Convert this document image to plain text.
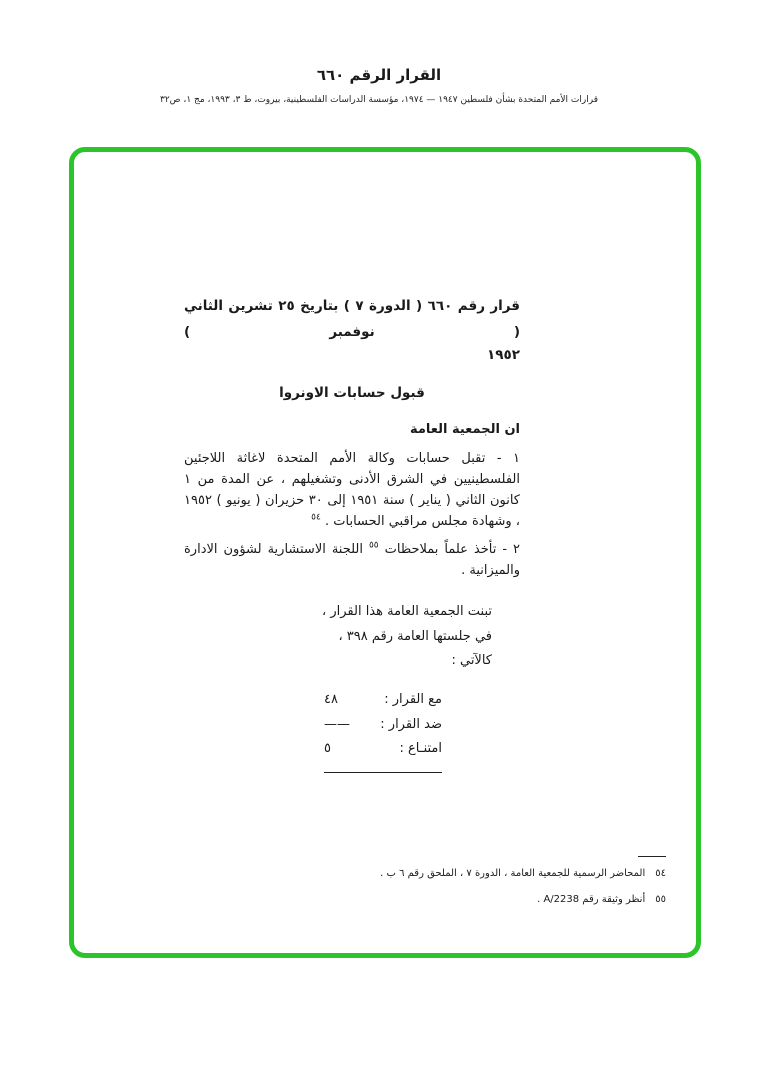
القرار الرقم ٦٦٠
قرارات الأمم المتحدة بشأن فلسطين ١٩٤٧ — ١٩٧٤، مؤسسة الدراسات الفلسطينية، بيروت، ط ٣، ١٩٩٣، مج ١، ص٣٢
قرار رقم ٦٦٠ ( الدورة ٧ ) بتاريخ ٢٥ تشرين الثاني ( نوفمبر )
١٩٥٢
قبول حسابات الاونروا
ان الجمعية العامة

١ - تقبل حسابات وكالة الأمم المتحدة لاغاثة اللاجئين الفلسطينيين في الشرق الأدنى وتشغيلهم ، عن المدة من ١ كانون الثاني ( يناير ) سنة ١٩٥١ إلى ٣٠ حزيران ( يونيو ) ١٩٥٢ ، وشهادة مجلس مراقبي الحسابات . $^{٥٤}$

٢ - تأخذ علماً بملاحظات $^{٥٥}$ اللجنة الاستشارية لشؤون الادارة والميزانية .

تبنت الجمعية العامة هذا القرار ،
في جلستها العامة رقم ٣٩٨ ،
كالآتي :
مع القرار :
٤٨
ضد القرار :
——
امتنـاع :
٥
٥٤
المحاضر الرسمية للجمعية العامة ، الدورة ٧ ، الملحق رقم ٦ ب .
٥٥
أنظر وثيقة رقم A/2238 .
